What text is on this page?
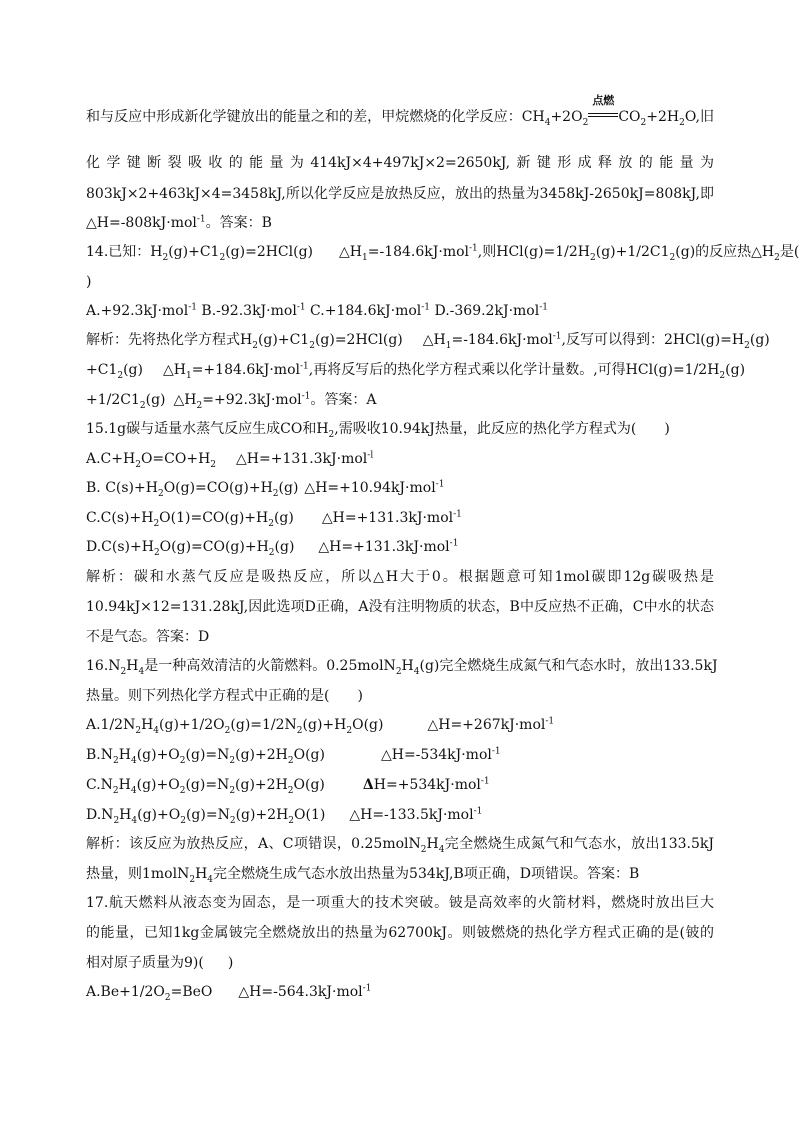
和与反应中形成新化学键放出的能量之和的差，甲烷燃烧的化学反应：$CH_4+2O_2$
点燃
$CO_2+2H_2O$,旧
化学键断裂吸收的能量为414kJ×4+497kJ×2=2650kJ,新键形成释放的能量为
803kJ×2+463kJ×4=3458kJ,所以化学反应是放热反应，放出的热量为3458kJ-2650kJ=808kJ,即
△H=-808kJ·mol$^{-1}$。答案：B
14.已知：$H_2(g)+C1_2(g)=2HCl(g)$ $\triangle H_1=-184.6kJ\cdot mol^{-1}$,则$HCl(g)=1/2H_2(g)+1/2C1_2(g)$的反应热$\triangle H_2$是(
)
A.+92.3kJ·mol$^{-1}$ B.-92.3kJ·mol$^{-1}$ C.+184.6kJ·mol$^{-1}$ D.-369.2kJ·mol$^{-1}$
解析：先将热化学方程式$H_2(g)+C1_2(g)=2HCl(g)$ $\triangle H_1=-184.6kJ\cdot mol^{-1}$,反写可以得到：$2HCl(g)=H_2(g)$
$+C1_2(g)$ $\triangle H_1=+184.6kJ\cdot mol^{-1}$,再将反写后的热化学方程式乘以化学计量数。,可得$HCl(g)=1/2H_2(g)$
$+1/2C1_2(g)$ $\triangle H_2=+92.3kJ\cdot mol^{-1}$。答案：A
15.1g碳与适量水蒸气反应生成CO和$H_2$,需吸收10.94kJ热量，此反应的热化学方程式为( )
$A.C+H_2O=CO+H_2$ △H=+131.3kJ·mol$^{-l}$
B. $C(s)+H_2O(g)=CO(g)+H_2(g)$ △H=+10.94kJ·mol$^{-1}$
$C.C(s)+H_2O(1)=CO(g)+H_2(g)$ △H=+131.3kJ·mol$^{-1}$
$D.C(s)+H_2O(g)=CO(g)+H_2(g)$ △H=+131.3kJ·mol$^{-1}$
解析：碳和水蒸气反应是吸热反应，所以△H大于0。根据题意可知1mol碳即12g碳吸热是
10.94kJ×12=131.28kJ,因此选项D正确，A没有注明物质的状态，B中反应热不正确，C中水的状态
不是气态。答案：D
$16.N_2H_4$是一种高效清洁的火箭燃料。$0.25molN_2H_4(g)$完全燃烧生成氮气和气态水时，放出133.5kJ
热量。则下列热化学方程式中正确的是( )
$A.1/2N_2H_4(g)+1/2O_2(g)=1/2N_2(g)+H_2O(g)$	△H=+267kJ·mol$^{-1}$
$B.N_2H_4(g)+O_2(g)=N_2(g)+2H_2O(g)$	△H=-534kJ·mol$^{-1}$
$C.N_2H_4(g)+O_2(g)=N_2(g)+2H_2O(g)$	ΔH=+534kJ·mol$^{-1}$
$D.N_2H_4(g)+O_2(g)=N_2(g)+2H_2O(1)$ △H=-133.5kJ·mol$^{-1}$
解析：该反应为放热反应，A、C项错误，$0.25molN_2H_4$完全燃烧生成氮气和气态水，放出133.5kJ
热量，则$1molN_2H_4$完全燃烧生成气态水放出热量为534kJ,B项正确，D项错误。答案：B
17.航天燃料从液态变为固态，是一项重大的技术突破。铍是高效率的火箭材料，燃烧时放出巨大
的能量，已知1kg金属铍完全燃烧放出的热量为62700kJ。则铍燃烧的热化学方程式正确的是(铍的
相对原子质量为9)( )
$A.Be+1/2O_2=BeO$ △H=-564.3kJ·mol$^{-1}$
